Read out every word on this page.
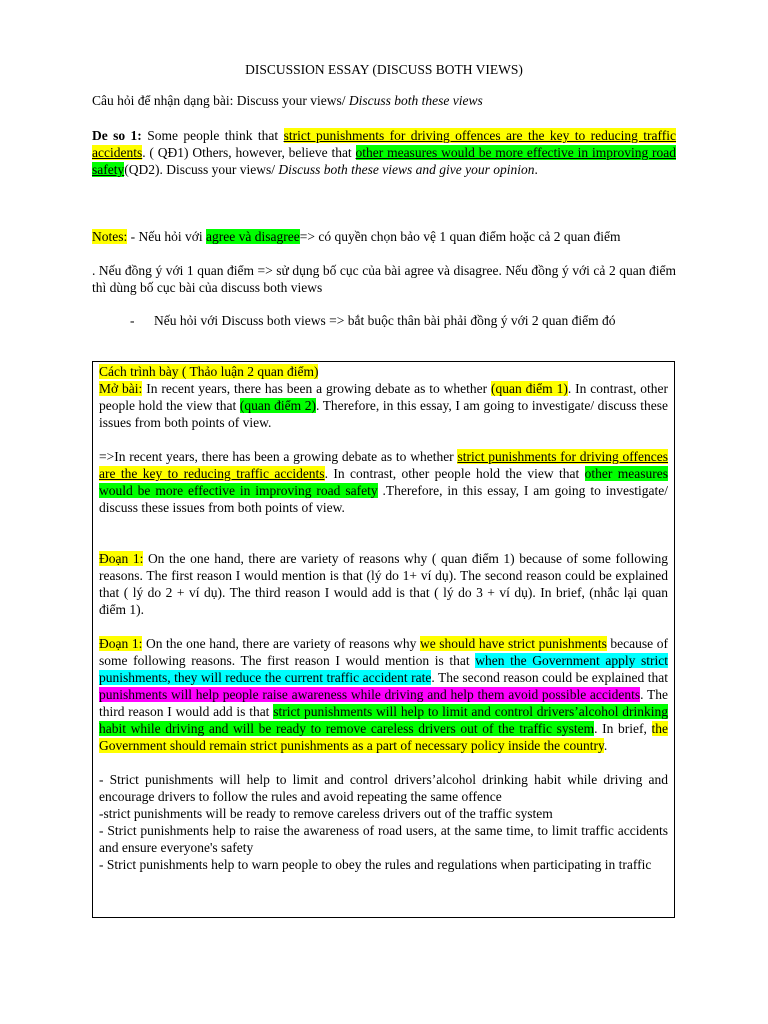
DISCUSSION ESSAY (DISCUSS BOTH VIEWS)

Câu hỏi để nhận dạng bài: Discuss your views/ Discuss both these views

De so 1: Some people think that strict punishments for driving offences are the key to reducing traffic accidents. ( QĐ1) Others, however, believe that other measures would be more effective in improving road safety(QD2). Discuss your views/ Discuss both these views and give your opinion.

Notes: - Nếu hỏi với agree và disagree=> có quyền chọn bảo vệ 1 quan điểm hoặc cả 2 quan điểm

. Nếu đồng ý với 1 quan điểm => sử dụng bố cục của bài agree và disagree. Nếu đồng ý với cả 2 quan điểm thì dùng bố cục bài của discuss both views

- Nếu hỏi với Discuss both views => bắt buộc thân bài phải đồng ý với 2 quan điểm đó

Cách trình bày ( Thảo luận 2 quan điểm)

Mở bài: In recent years, there has been a growing debate as to whether (quan điểm 1). In contrast, other people hold the view that (quan điểm 2). Therefore, in this essay, I am going to investigate/ discuss these issues from both points of view.

=>In recent years, there has been a growing debate as to whether strict punishments for driving offences are the key to reducing traffic accidents. In contrast, other people hold the view that other measures would be more effective in improving road safety .Therefore, in this essay, I am going to investigate/ discuss these issues from both points of view.

Đoạn 1: On the one hand, there are variety of reasons why ( quan điểm 1) because of some following reasons. The first reason I would mention is that (lý do 1+ ví dụ). The second reason could be explained that ( lý do 2 + ví dụ). The third reason I would add is that ( lý do 3 + ví dụ). In brief, (nhắc lại quan điểm 1).

Đoạn 1: On the one hand, there are variety of reasons why we should have strict punishments because of some following reasons. The first reason I would mention is that when the Government apply strict punishments, they will reduce the current traffic accident rate. The second reason could be explained that punishments will help people raise awareness while driving and help them avoid possible accidents. The third reason I would add is that strict punishments will help to limit and control drivers’alcohol drinking habit while driving and will be ready to remove careless drivers out of the traffic system. In brief, the Government should remain strict punishments as a part of necessary policy inside the country.

- Strict punishments will help to limit and control drivers’alcohol drinking habit while driving and encourage drivers to follow the rules and avoid repeating the same offence

-strict punishments will be ready to remove careless drivers out of the traffic system

- Strict punishments help to raise the awareness of road users, at the same time, to limit traffic accidents and ensure everyone's safety

- Strict punishments help to warn people to obey the rules and regulations when participating in traffic
